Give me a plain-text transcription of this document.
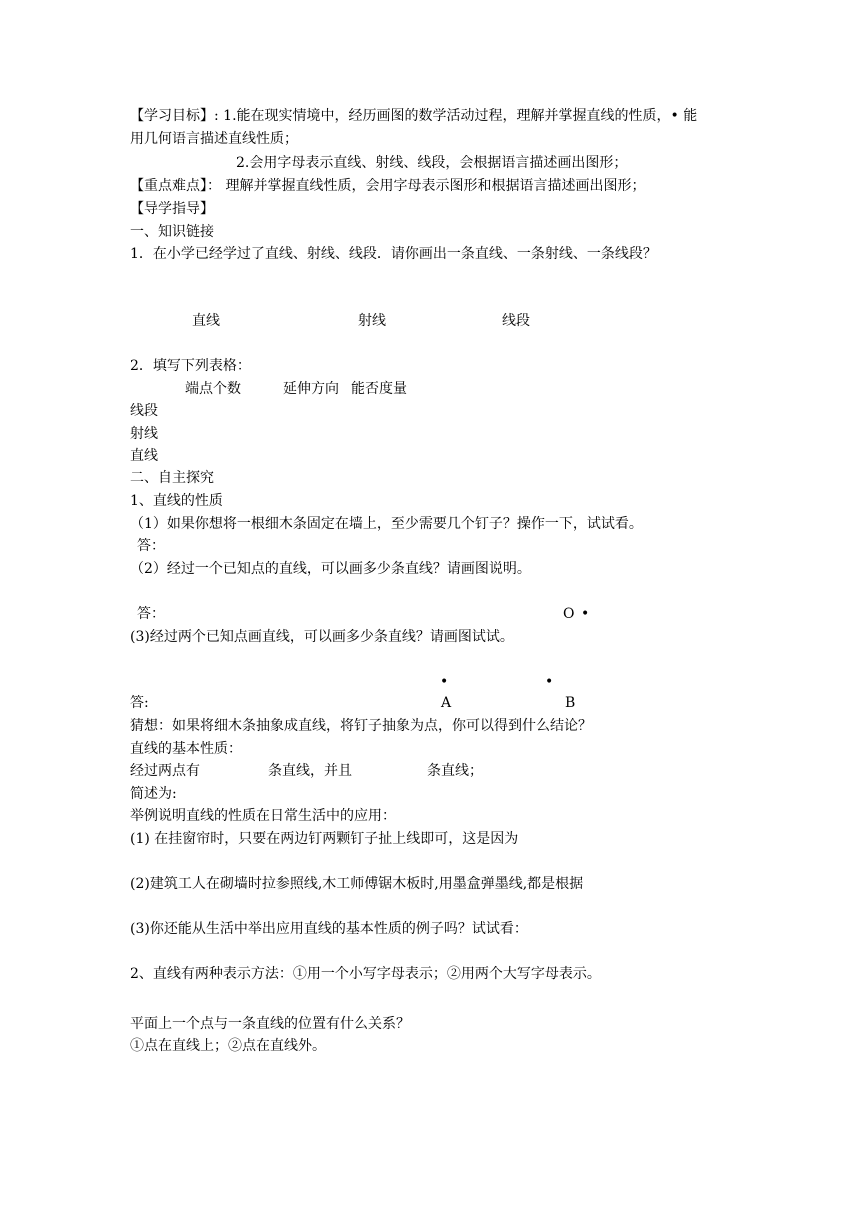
【学习目标】: 1.能在现实情境中，经历画图的数学活动过程，理解并掌握直线的性质，• 能
用几何语言描述直线性质；
2.会用字母表示直线、射线、线段，会根据语言描述画出图形；
【重点难点】： 理解并掌握直线性质，会用字母表示图形和根据语言描述画出图形；
【导学指导】
一、知识链接
1．在小学已经学过了直线、射线、线段．请你画出一条直线、一条射线、一条线段？
直线	射线	线段
2．填写下列表格：
端点个数	延伸方向 能否度量
线段
射线
直线
二、自主探究
1、直线的性质
（1）如果你想将一根细木条固定在墙上，至少需要几个钉子？操作一下，试试看。
答：
（2）经过一个已知点的直线，可以画多少条直线？请画图说明。
答：	O •
(3)经过两个已知点画直线，可以画多少条直线？请画图试试。
•	•
答:	A	B
猜想：如果将细木条抽象成直线，将钉子抽象为点，你可以得到什么结论？
直线的基本性质：
经过两点有	条直线，并且	条直线；
简述为:
举例说明直线的性质在日常生活中的应用：
(1) 在挂窗帘时，只要在两边钉两颗钉子扯上线即可，这是因为
(2)建筑工人在砌墙时拉参照线,木工师傅锯木板时,用墨盒弹墨线,都是根据
(3)你还能从生活中举出应用直线的基本性质的例子吗？试试看：
2、直线有两种表示方法：①用一个小写字母表示；②用两个大写字母表示。
平面上一个点与一条直线的位置有什么关系？
①点在直线上；②点在直线外。
